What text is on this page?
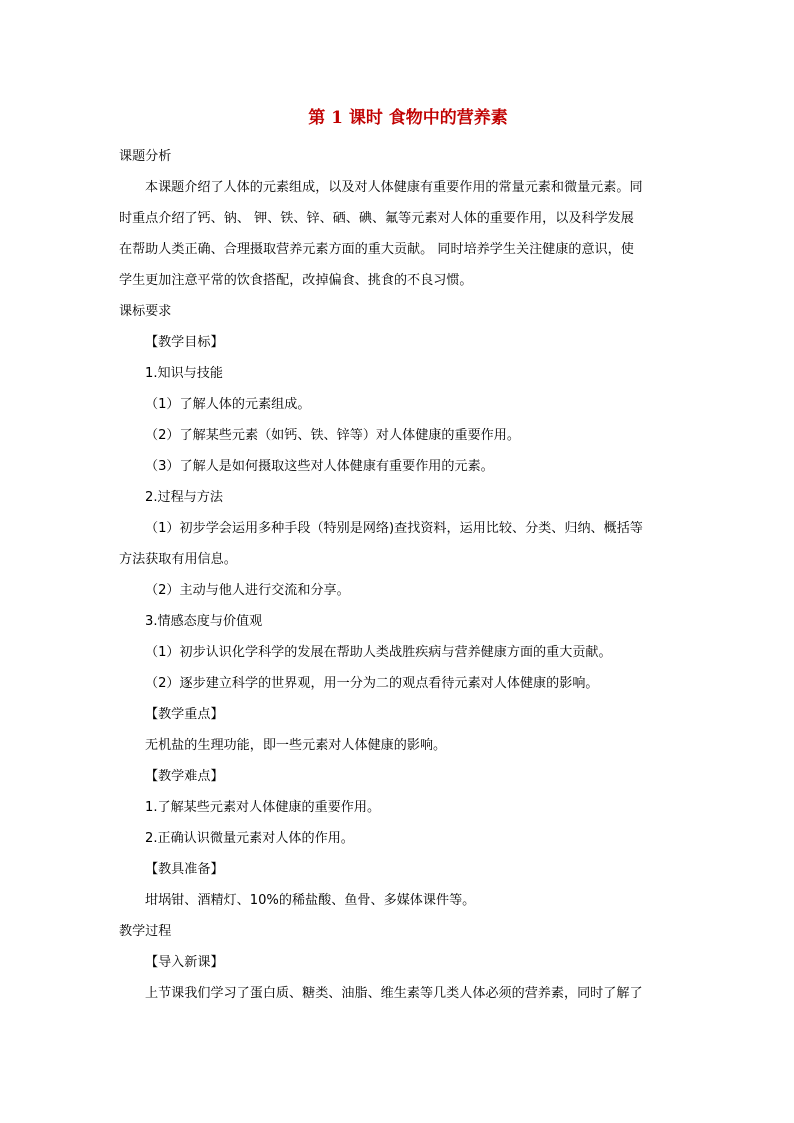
第 1 课时 食物中的营养素
课题分析
本课题介绍了人体的元素组成，以及对人体健康有重要作用的常量元素和微量元素。同
时重点介绍了钙、钠、 钾、铁、锌、硒、碘、氟等元素对人体的重要作用，以及科学发展
在帮助人类正确、合理摄取营养元素方面的重大贡献。 同时培养学生关注健康的意识，使
学生更加注意平常的饮食搭配，改掉偏食、挑食的不良习惯。
课标要求
【教学目标】
1.知识与技能
（1）了解人体的元素组成。
（2）了解某些元素（如钙、铁、锌等）对人体健康的重要作用。
（3）了解人是如何摄取这些对人体健康有重要作用的元素。
2.过程与方法
（1）初步学会运用多种手段（特别是网络)查找资料，运用比较、分类、归纳、概括等
方法获取有用信息。
（2）主动与他人进行交流和分享。
3.情感态度与价值观
（1）初步认识化学科学的发展在帮助人类战胜疾病与营养健康方面的重大贡献。
（2）逐步建立科学的世界观，用一分为二的观点看待元素对人体健康的影响。
【教学重点】
无机盐的生理功能，即一些元素对人体健康的影响。
【教学难点】
1.了解某些元素对人体健康的重要作用。
2.正确认识微量元素对人体的作用。
【教具准备】
坩埚钳、酒精灯、10%的稀盐酸、鱼骨、多媒体课件等。
教学过程
【导入新课】
上节课我们学习了蛋白质、糖类、油脂、维生素等几类人体必须的营养素，同时了解了
